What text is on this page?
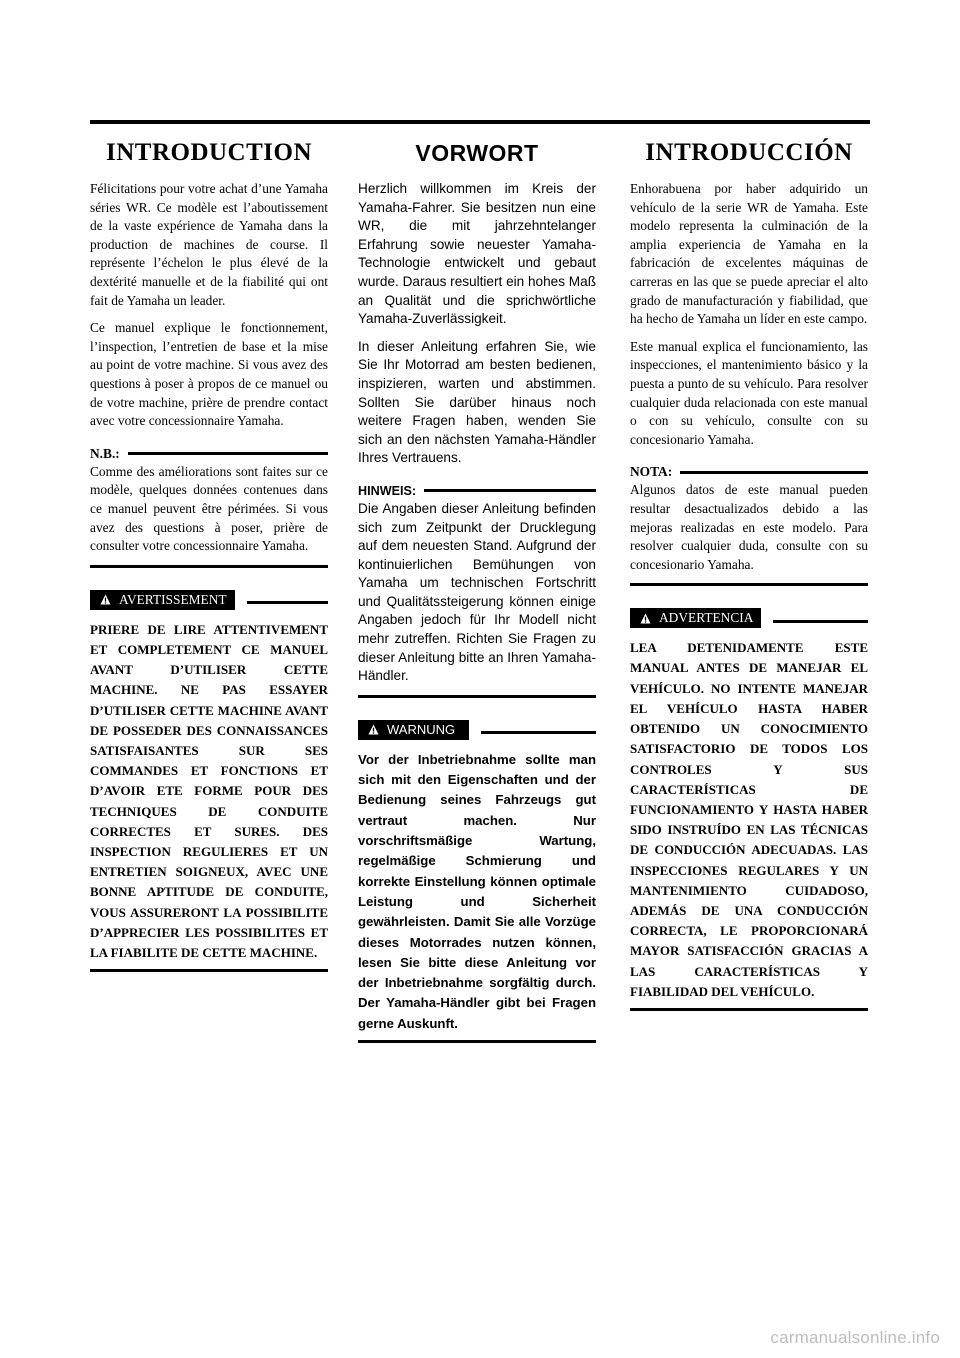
INTRODUCTION

Félicitations pour votre achat d’une Yamaha séries WR. Ce modèle est l’aboutissement de la vaste expérience de Yamaha dans la production de machines de course. Il représente l’échelon le plus élevé de la dextérité manuelle et de la fiabilité qui ont fait de Yamaha un leader.

Ce manuel explique le fonctionnement, l’inspection, l’entretien de base et la mise au point de votre machine. Si vous avez des questions à poser à propos de ce manuel ou de votre machine, prière de prendre contact avec votre concessionnaire Yamaha.

N.B.:

Comme des améliorations sont faites sur ce modèle, quelques données contenues dans ce manuel peuvent être périmées. Si vous avez des questions à poser, prière de consulter votre concessionnaire Yamaha.

AVERTISSEMENT

PRIERE DE LIRE ATTENTIVEMENT ET COMPLETEMENT CE MANUEL AVANT D’UTILISER CETTE MACHINE. NE PAS ESSAYER D’UTILISER CETTE MACHINE AVANT DE POSSEDER DES CONNAISSANCES SATISFAISANTES SUR SES COMMANDES ET FONCTIONS ET D’AVOIR ETE FORME POUR DES TECHNIQUES DE CONDUITE CORRECTES ET SURES. DES INSPECTION REGULIERES ET UN ENTRETIEN SOIGNEUX, AVEC UNE BONNE APTITUDE DE CONDUITE, VOUS ASSURERONT LA POSSIBILITE D’APPRECIER LES POSSIBILITES ET LA FIABILITE DE CETTE MACHINE.

VORWORT

Herzlich willkommen im Kreis der Yamaha-Fahrer. Sie besitzen nun eine WR, die mit jahrzehntelanger Erfahrung sowie neuester Yamaha-Technologie entwickelt und gebaut wurde. Daraus resultiert ein hohes Maß an Qualität und die sprichwörtliche Yamaha-Zuverlässigkeit.

In dieser Anleitung erfahren Sie, wie Sie Ihr Motorrad am besten bedienen, inspizieren, warten und abstimmen. Sollten Sie darüber hinaus noch weitere Fragen haben, wenden Sie sich an den nächsten Yamaha-Händler Ihres Vertrauens.

HINWEIS:

Die Angaben dieser Anleitung befinden sich zum Zeitpunkt der Drucklegung auf dem neuesten Stand. Aufgrund der kontinuierlichen Bemühungen von Yamaha um technischen Fortschritt und Qualitätssteigerung können einige Angaben jedoch für Ihr Modell nicht mehr zutreffen. Richten Sie Fragen zu dieser Anleitung bitte an Ihren Yamaha-Händler.

WARNUNG

Vor der Inbetriebnahme sollte man sich mit den Eigenschaften und der Bedienung seines Fahrzeugs gut vertraut machen. Nur vorschriftsmäßige Wartung, regelmäßige Schmierung und korrekte Einstellung können optimale Leistung und Sicherheit gewährleisten. Damit Sie alle Vorzüge dieses Motorrades nutzen können, lesen Sie bitte diese Anleitung vor der Inbetriebnahme sorgfältig durch. Der Yamaha-Händler gibt bei Fragen gerne Auskunft.

INTRODUCCIÓN

Enhorabuena por haber adquirido un vehículo de la serie WR de Yamaha. Este modelo representa la culminación de la amplia experiencia de Yamaha en la fabricación de excelentes máquinas de carreras en las que se puede apreciar el alto grado de manufacturación y fiabilidad, que ha hecho de Yamaha un líder en este campo.

Este manual explica el funcionamiento, las inspecciones, el mantenimiento básico y la puesta a punto de su vehículo. Para resolver cualquier duda relacionada con este manual o con su vehículo, consulte con su concesionario Yamaha.

NOTA:

Algunos datos de este manual pueden resultar desactualizados debido a las mejoras realizadas en este modelo. Para resolver cualquier duda, consulte con su concesionario Yamaha.

ADVERTENCIA

LEA DETENIDAMENTE ESTE MANUAL ANTES DE MANEJAR EL VEHÍCULO. NO INTENTE MANEJAR EL VEHÍCULO HASTA HABER OBTENIDO UN CONOCIMIENTO SATISFACTORIO DE TODOS LOS CONTROLES Y SUS CARACTERÍSTICAS DE FUNCIONAMIENTO Y HASTA HABER SIDO INSTRUÍDO EN LAS TÉCNICAS DE CONDUCCIÓN ADECUADAS. LAS INSPECCIONES REGULARES Y UN MANTENIMIENTO CUIDADOSO, ADEMÁS DE UNA CONDUCCIÓN CORRECTA, LE PROPORCIONARÁ MAYOR SATISFACCIÓN GRACIAS A LAS CARACTERÍSTICAS Y FIABILIDAD DEL VEHÍCULO.

carmanualsonline.info
